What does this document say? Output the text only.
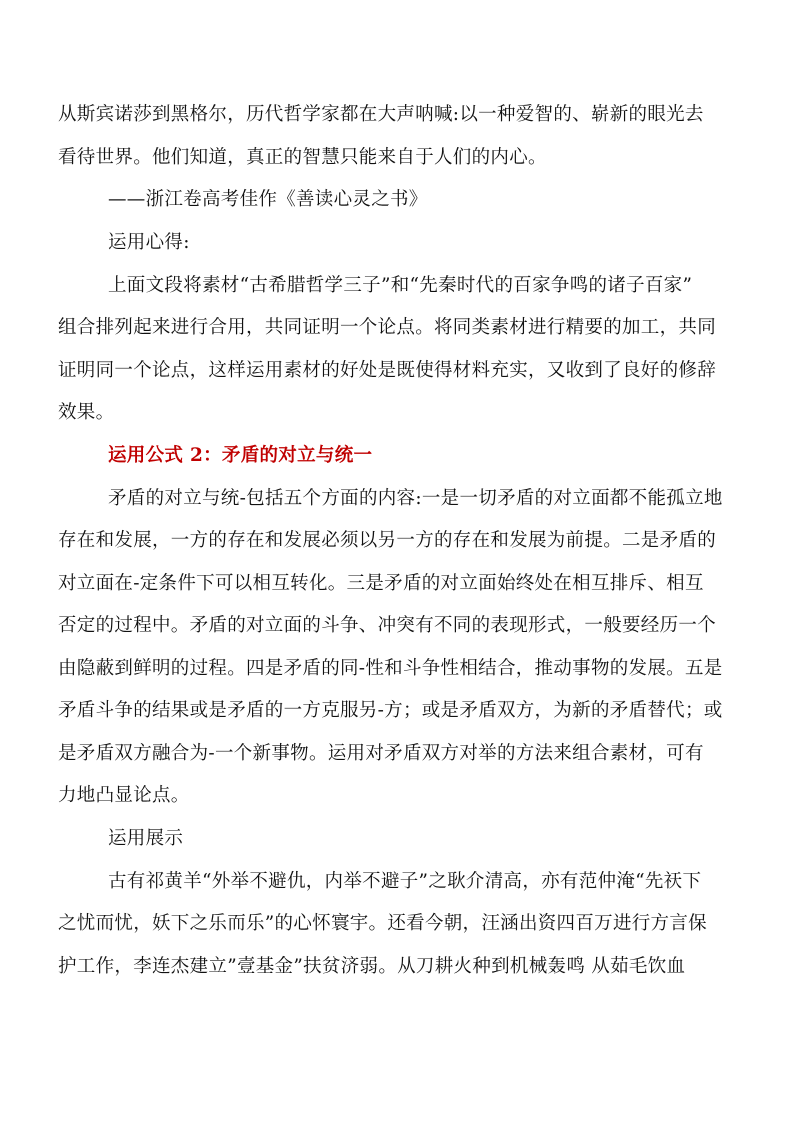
从斯宾诺莎到黑格尔，历代哲学家都在大声呐喊:以一种爱智的、崭新的眼光去
看待世界。他们知道，真正的智慧只能来自于人们的内心。
——浙江卷高考佳作《善读心灵之书》
运用心得:
上面文段将素材“古希腊哲学三子”和“先秦时代的百家争鸣的诸子百家”
组合排列起来进行合用，共同证明一个论点。将同类素材进行精要的加工，共同
证明同一个论点，这样运用素材的好处是既使得材料充实，又收到了良好的修辞
效果。
运用公式 2：矛盾的对立与统一
矛盾的对立与统-包括五个方面的内容:一是一切矛盾的对立面都不能孤立地
存在和发展，一方的存在和发展必须以另一方的存在和发展为前提。二是矛盾的
对立面在-定条件下可以相互转化。三是矛盾的对立面始终处在相互排斥、相互
否定的过程中。矛盾的对立面的斗争、冲突有不同的表现形式，一般要经历一个
由隐蔽到鲜明的过程。四是矛盾的同-性和斗争性相结合，推动事物的发展。五是
矛盾斗争的结果或是矛盾的一方克服另-方；或是矛盾双方，为新的矛盾替代；或
是矛盾双方融合为-一个新事物。运用对矛盾双方对举的方法来组合素材，可有
力地凸显论点。
运用展示
古有祁黄羊“外举不避仇，内举不避子”之耿介清高，亦有范仲淹“先祆下
之忧而忧，妖下之乐而乐”的心怀寰宇。还看今朝，汪涵出资四百万进行方言保
护工作，李连杰建立”壹基金”扶贫济弱。从刀耕火种到机械轰鸣 从茹毛饮血
